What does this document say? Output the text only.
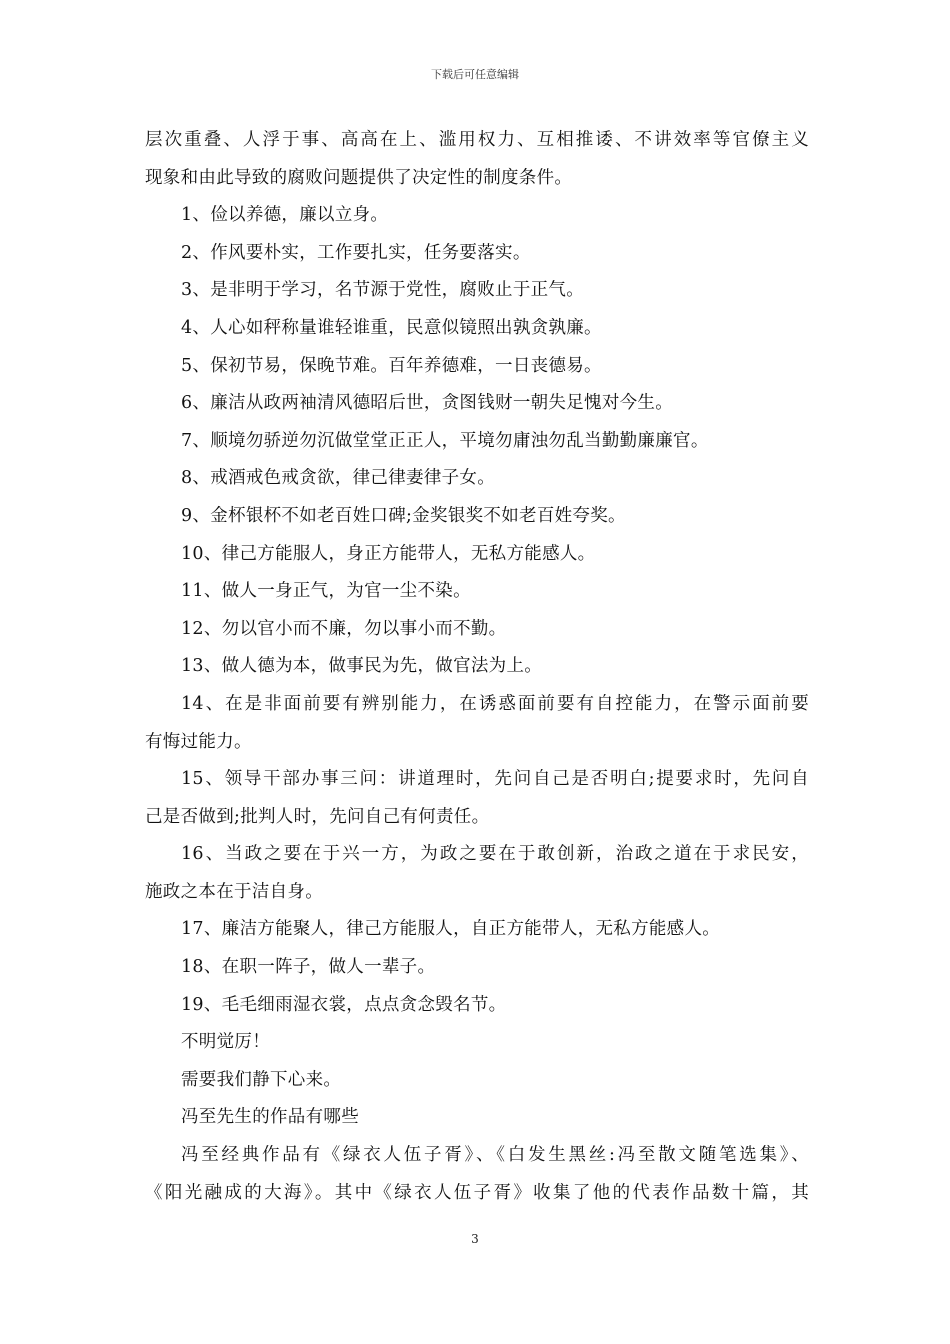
下载后可任意编辑
层次重叠、人浮于事、高高在上、滥用权力、互相推诿、不讲效率等官僚主义
现象和由此导致的腐败问题提供了决定性的制度条件。
1、俭以养德，廉以立身。
2、作风要朴实，工作要扎实，任务要落实。
3、是非明于学习，名节源于党性，腐败止于正气。
4、人心如秤称量谁轻谁重，民意似镜照出孰贪孰廉。
5、保初节易，保晚节难。百年养德难，一日丧德易。
6、廉洁从政两袖清风德昭后世，贪图钱财一朝失足愧对今生。
7、顺境勿骄逆勿沉做堂堂正正人，平境勿庸浊勿乱当勤勤廉廉官。
8、戒酒戒色戒贪欲，律己律妻律子女。
9、金杯银杯不如老百姓口碑;金奖银奖不如老百姓夸奖。
10、律己方能服人，身正方能带人，无私方能感人。
11、做人一身正气，为官一尘不染。
12、勿以官小而不廉，勿以事小而不勤。
13、做人德为本，做事民为先，做官法为上。
14、在是非面前要有辨别能力，在诱惑面前要有自控能力，在警示面前要
有悔过能力。
15、领导干部办事三问：讲道理时，先问自己是否明白;提要求时，先问自
己是否做到;批判人时，先问自己有何责任。
16、当政之要在于兴一方，为政之要在于敢创新，治政之道在于求民安，
施政之本在于洁自身。
17、廉洁方能聚人，律己方能服人，自正方能带人，无私方能感人。
18、在职一阵子，做人一辈子。
19、毛毛细雨湿衣裳，点点贪念毁名节。
不明觉厉！
需要我们静下心来。
冯至先生的作品有哪些
冯至经典作品有《绿衣人伍子胥》、《白发生黑丝:冯至散文随笔选集》、
《阳光融成的大海》。其中《绿衣人伍子胥》收集了他的代表作品数十篇，其
3
